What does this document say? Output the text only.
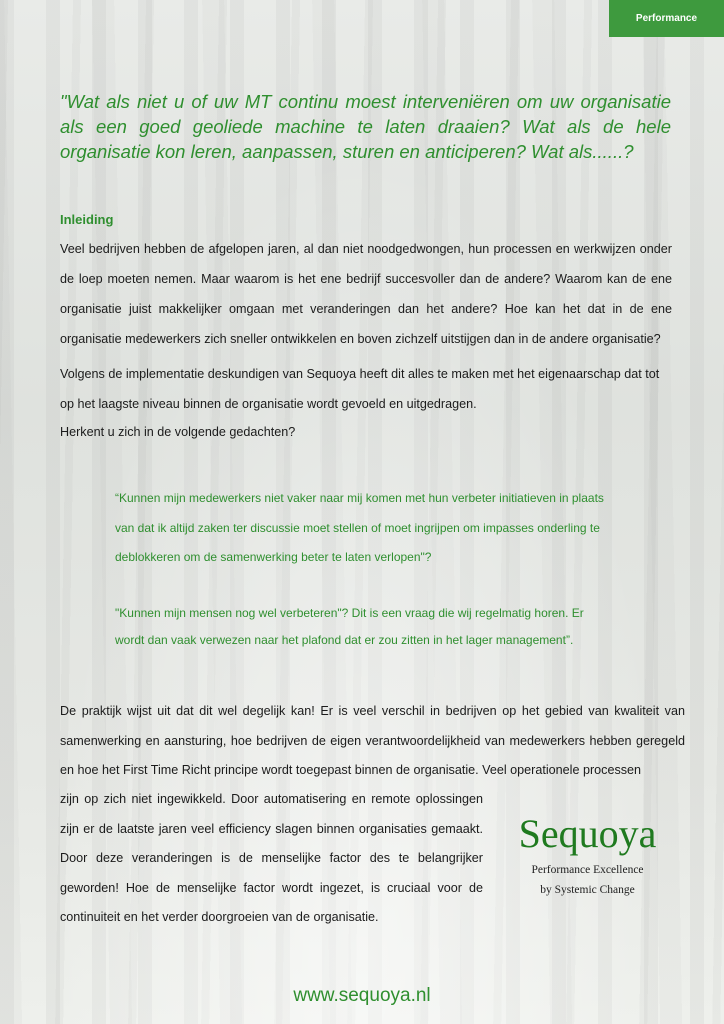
Performance
"Wat als niet u of uw MT continu moest interveniëren om uw organisatie als een goed geoliede machine te laten draaien? Wat als de hele organisatie kon leren, aanpassen, sturen en anticiperen? Wat als......?
Inleiding

Veel bedrijven hebben de afgelopen jaren, al dan niet noodgedwongen, hun processen en werkwijzen onder de loep moeten nemen. Maar waarom is het ene bedrijf succesvoller dan de andere? Waarom kan de ene organisatie juist makkelijker omgaan met veranderingen dan het andere? Hoe kan het dat in de ene organisatie medewerkers zich sneller ontwikkelen en boven zichzelf uitstijgen dan in de andere organisatie?

Volgens de implementatie deskundigen van Sequoya heeft dit alles te maken met het eigenaarschap dat tot op het laagste niveau binnen de organisatie wordt gevoeld en uitgedragen.

Herkent u zich in de volgende gedachten?

“Kunnen mijn medewerkers niet vaker naar mij komen met hun verbeter initiatieven in plaats van dat ik altijd zaken ter discussie moet stellen of moet ingrijpen om impasses onderling te deblokkeren om de samenwerking beter te laten verlopen"?

"Kunnen mijn mensen nog wel verbeteren"? Dit is een vraag die wij regelmatig horen. Er wordt dan vaak verwezen naar het plafond dat er zou zitten in het lager management”.

De praktijk wijst uit dat dit wel degelijk kan! Er is veel verschil in bedrijven op het gebied van kwaliteit van samenwerking en aansturing, hoe bedrijven de eigen verantwoordelijkheid van medewerkers hebben geregeld en hoe het First Time Richt principe wordt toegepast binnen de organisatie. Veel operationele processen

zijn op zich niet ingewikkeld. Door automatisering en remote oplossingen zijn er de laatste jaren veel efficiency slagen binnen organisaties gemaakt. Door deze veranderingen is de menselijke factor des te belangrijker geworden! Hoe de menselijke factor wordt ingezet, is cruciaal voor de continuiteit en het verder doorgroeien van de organisatie.

Sequoya
Performance Excellence
by Systemic Change
www.sequoya.nl
